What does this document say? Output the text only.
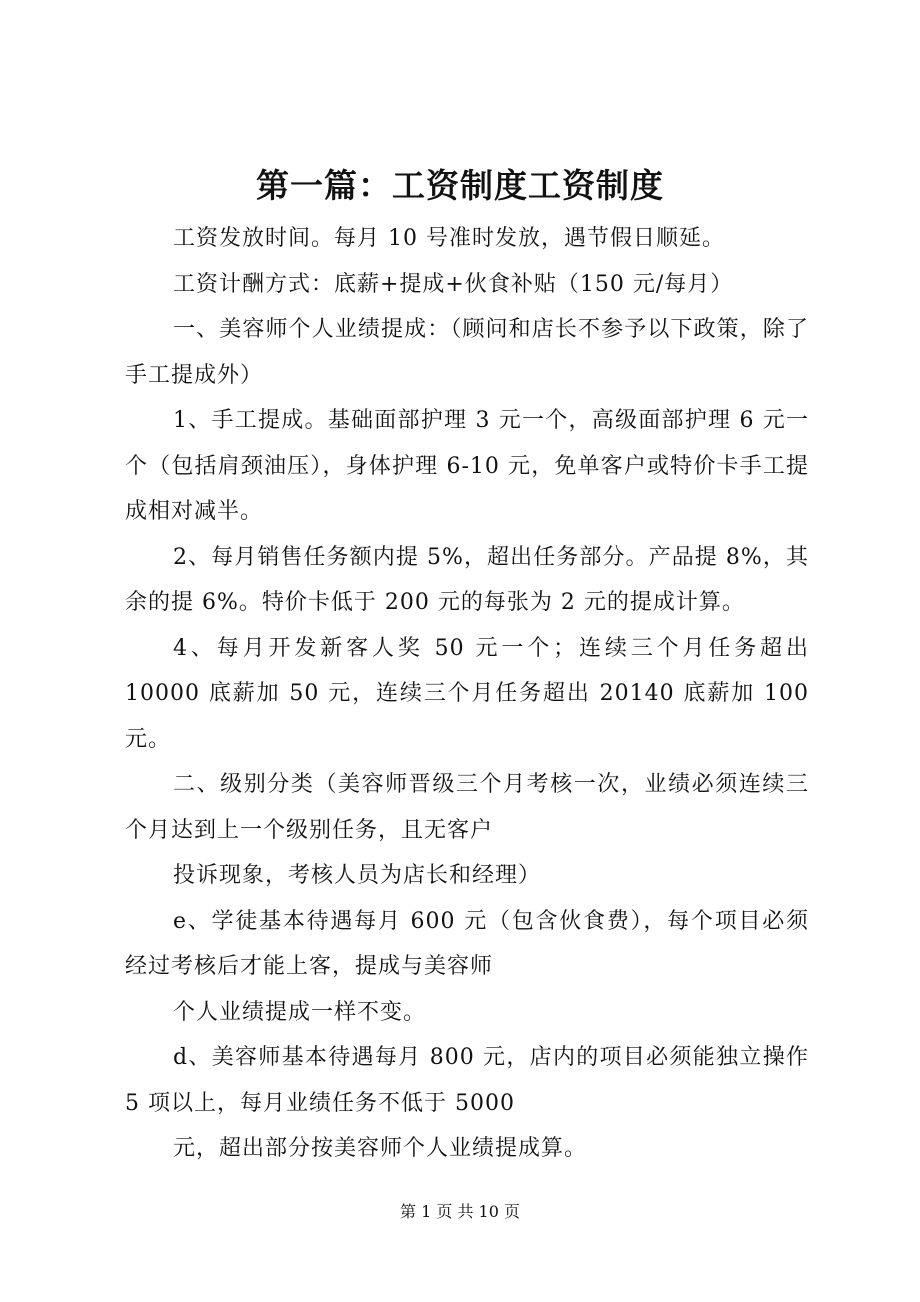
第一篇：工资制度工资制度

工资发放时间。每月 10 号准时发放，遇节假日顺延。

工资计酬方式：底薪+提成+伙食补贴（150 元/每月）

一、美容师个人业绩提成：（顾问和店长不参予以下政策，除了手工提成外）

1、手工提成。基础面部护理 3 元一个，高级面部护理 6 元一个（包括肩颈油压），身体护理 6-10 元，免单客户或特价卡手工提成相对减半。

2、每月销售任务额内提 5%，超出任务部分。产品提 8%，其余的提 6%。特价卡低于 200 元的每张为 2 元的提成计算。

4、每月开发新客人奖 50 元一个；连续三个月任务超出 10000 底薪加 50 元，连续三个月任务超出 20140 底薪加 100 元。

二、级别分类（美容师晋级三个月考核一次，业绩必须连续三个月达到上一个级别任务，且无客户

投诉现象，考核人员为店长和经理）

e、学徒基本待遇每月 600 元（包含伙食费），每个项目必须经过考核后才能上客，提成与美容师

个人业绩提成一样不变。

d、美容师基本待遇每月 800 元，店内的项目必须能独立操作 5 项以上，每月业绩任务不低于 5000

元，超出部分按美容师个人业绩提成算。

第 1 页 共 10 页
